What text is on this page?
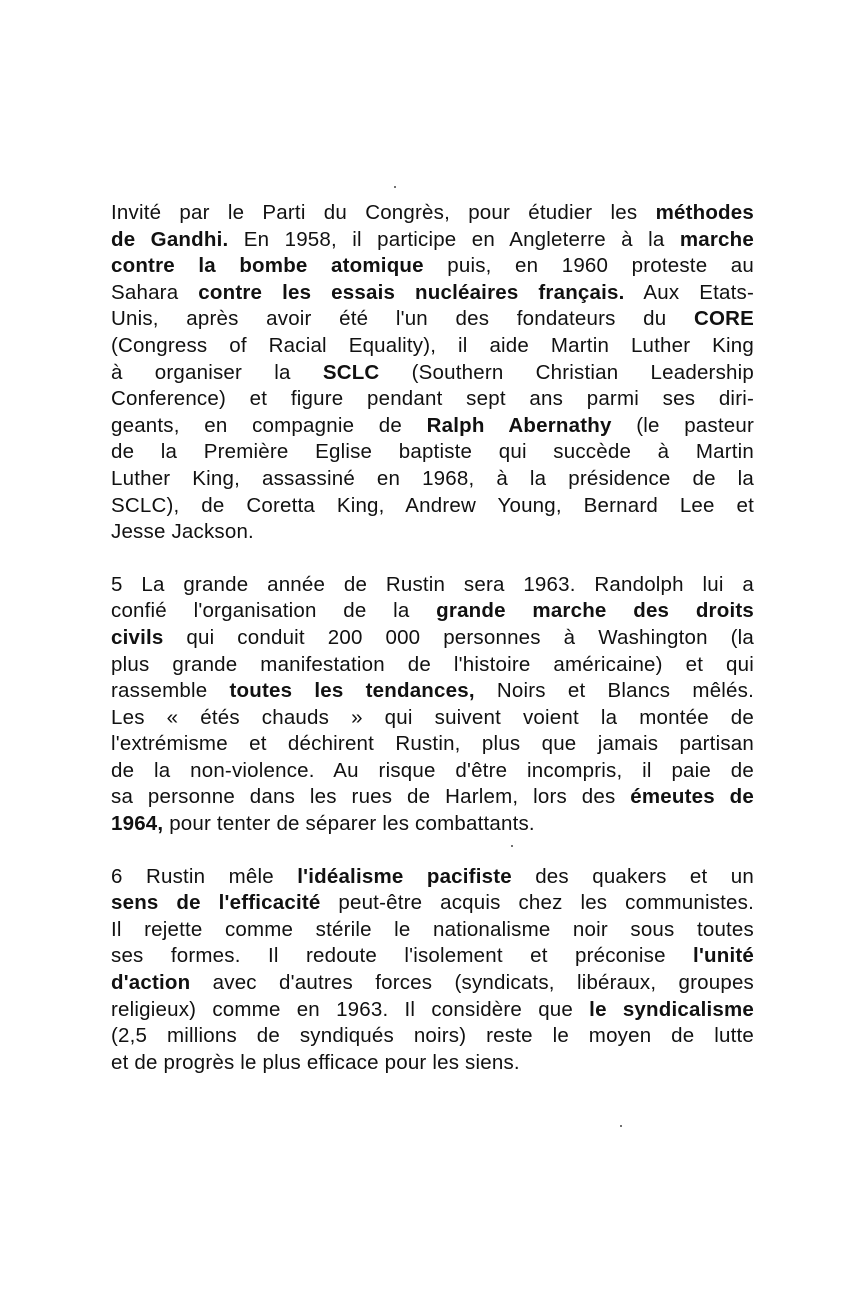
Invité par le Parti du Congrès, pour étudier les méthodes
de Gandhi. En 1958, il participe en Angleterre à la marche
contre la bombe atomique puis, en 1960 proteste au
Sahara contre les essais nucléaires français. Aux Etats-
Unis, après avoir été l'un des fondateurs du CORE
(Congress of Racial Equality), il aide Martin Luther King
à organiser la SCLC (Southern Christian Leadership
Conference) et figure pendant sept ans parmi ses diri-
geants, en compagnie de Ralph Abernathy (le pasteur
de la Première Eglise baptiste qui succède à Martin
Luther King, assassiné en 1968, à la présidence de la
SCLC), de Coretta King, Andrew Young, Bernard Lee et
Jesse Jackson.

5 La grande année de Rustin sera 1963. Randolph lui a
confié l'organisation de la grande marche des droits
civils qui conduit 200 000 personnes à Washington (la
plus grande manifestation de l'histoire américaine) et qui
rassemble toutes les tendances, Noirs et Blancs mêlés.
Les « étés chauds » qui suivent voient la montée de
l'extrémisme et déchirent Rustin, plus que jamais partisan
de la non-violence. Au risque d'être incompris, il paie de
sa personne dans les rues de Harlem, lors des émeutes de
1964, pour tenter de séparer les combattants.

6 Rustin mêle l'idéalisme pacifiste des quakers et un
sens de l'efficacité peut-être acquis chez les communistes.
Il rejette comme stérile le nationalisme noir sous toutes
ses formes. Il redoute l'isolement et préconise l'unité
d'action avec d'autres forces (syndicats, libéraux, groupes
religieux) comme en 1963. Il considère que le syndicalisme
(2,5 millions de syndiqués noirs) reste le moyen de lutte
et de progrès le plus efficace pour les siens.
